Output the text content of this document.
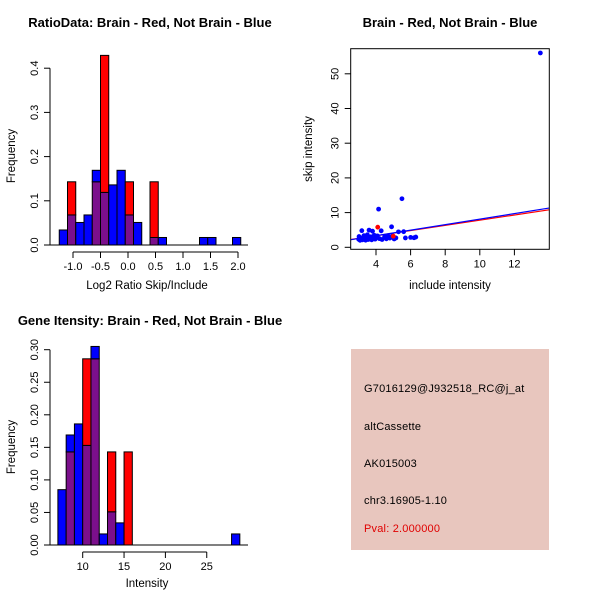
-1.0 -0.5 0.0 0.5 1.0 1.5 2.0
0.0
0.1
0.2
0.3
0.4
RatioData: Brain - Red, Not Brain - Blue
Log2 Ratio Skip/Include
Frequency
4	6	8 10 12
0
10
20
30
40
50
Brain - Red, Not Brain - Blue
include intensity
skip intensity
10	15	20	25
0.00
0.05
0.10
0.15
0.20
0.25
0.30
Gene Itensity: Brain - Red, Not Brain - Blue
Intensity
Frequency
G7016129@J932518_RC@j_at
altCassette
AK015003
chr3.16905-1.10
Pval: 2.000000
